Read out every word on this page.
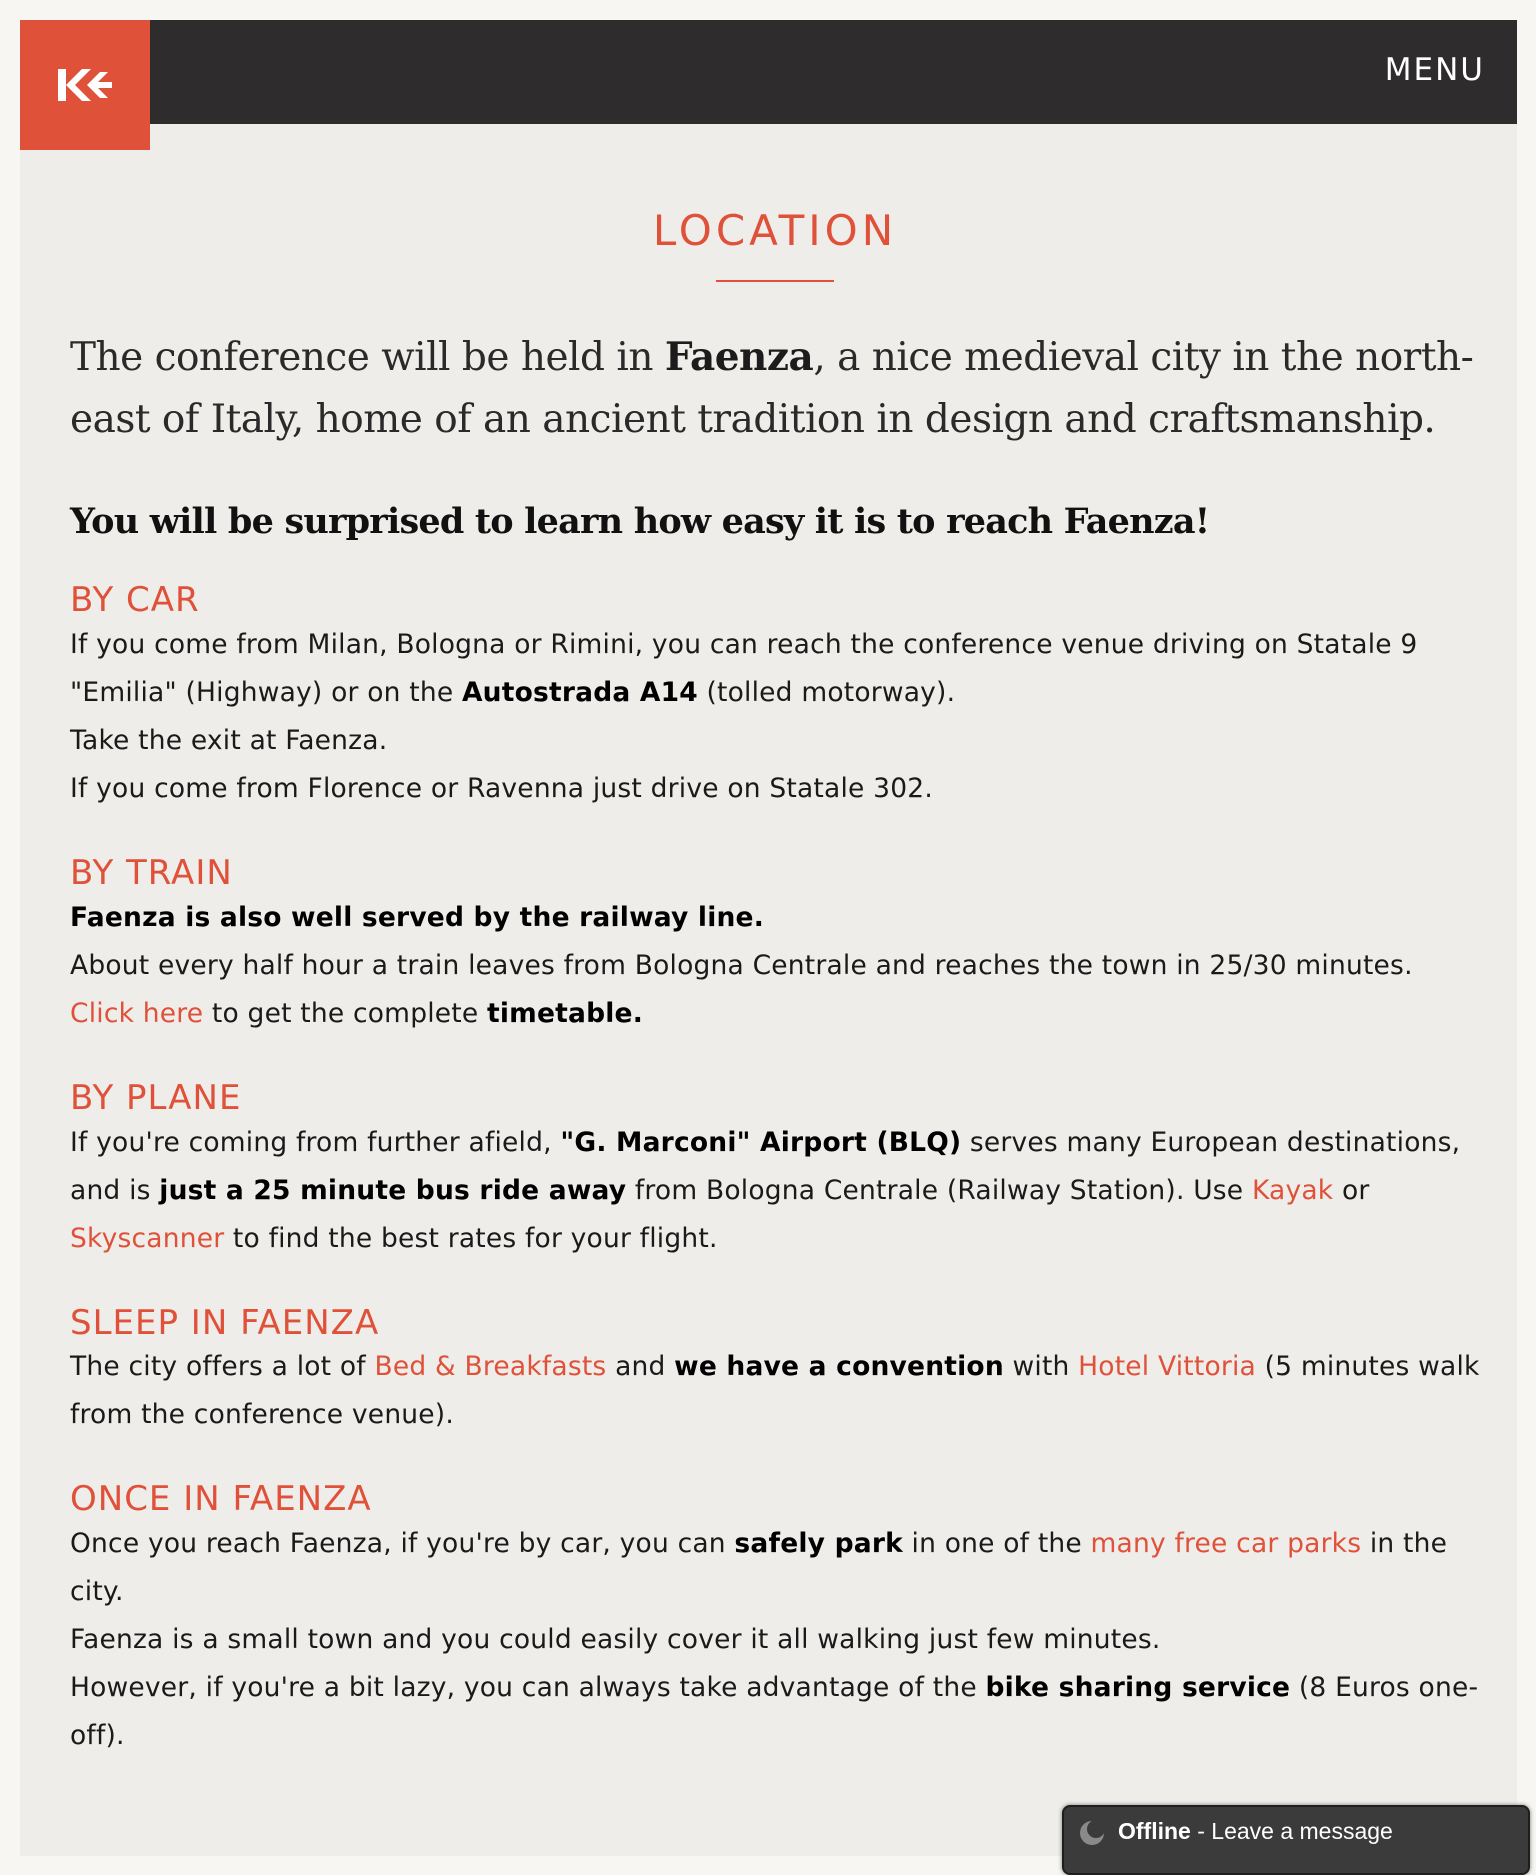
MENU
LOCATION

The conference will be held in Faenza, a nice medieval city in the north-east of Italy, home of an ancient tradition in design and craftsmanship.

You will be surprised to learn how easy it is to reach Faenza!

BY CAR

If you come from Milan, Bologna or Rimini, you can reach the conference venue driving on Statale 9 "Emilia" (Highway) or on the Autostrada A14 (tolled motorway).

Take the exit at Faenza.

If you come from Florence or Ravenna just drive on Statale 302.

BY TRAIN

Faenza is also well served by the railway line.

About every half hour a train leaves from Bologna Centrale and reaches the town in 25/30 minutes.

Click here to get the complete timetable.

BY PLANE

If you're coming from further afield, "G. Marconi" Airport (BLQ) serves many European destinations, and is just a 25 minute bus ride away from Bologna Centrale (Railway Station). Use Kayak or Skyscanner to find the best rates for your flight.

SLEEP IN FAENZA

The city offers a lot of Bed & Breakfasts and we have a convention with Hotel Vittoria (5 minutes walk from the conference venue).

ONCE IN FAENZA

Once you reach Faenza, if you're by car, you can safely park in one of the many free car parks in the city.

Faenza is a small town and you could easily cover it all walking just few minutes.

However, if you're a bit lazy, you can always take advantage of the bike sharing service (8 Euros one-off).

Offline - Leave a message
